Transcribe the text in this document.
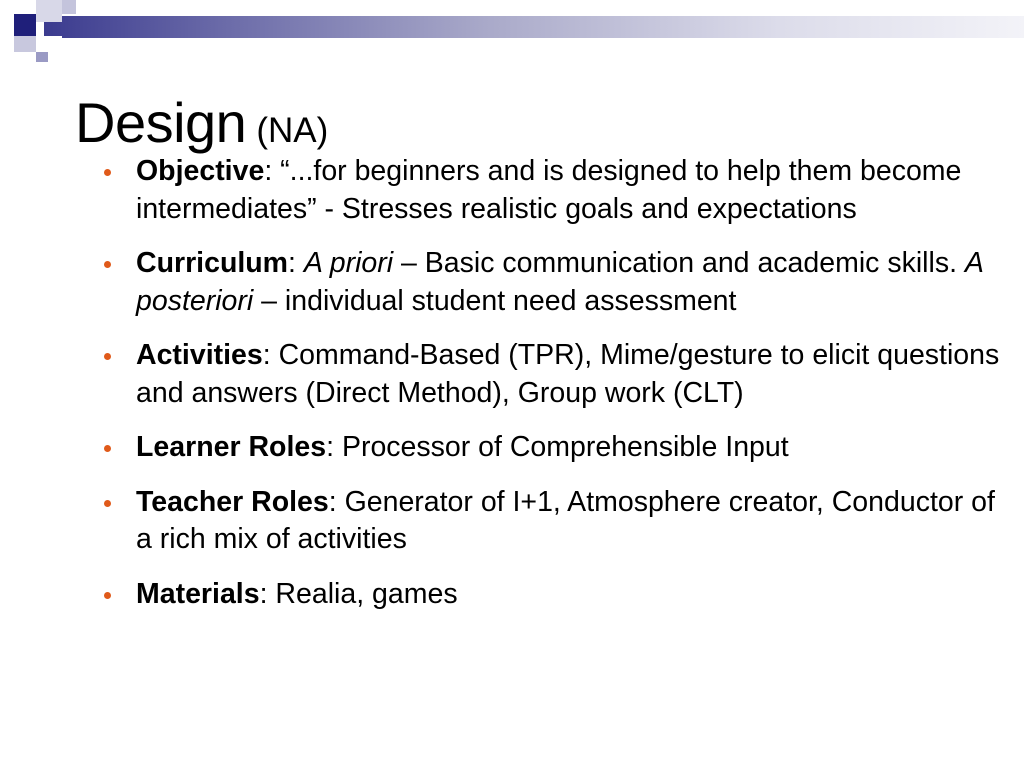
Design (NA)
Objective: “...for beginners and is designed to help them become intermediates” - Stresses realistic goals and expectations
Curriculum: A priori – Basic communication and academic skills. A posteriori – individual student need assessment
Activities: Command-Based (TPR), Mime/gesture to elicit questions and answers (Direct Method), Group work (CLT)
Learner Roles: Processor of Comprehensible Input
Teacher Roles: Generator of I+1, Atmosphere creator, Conductor of a rich mix of activities
Materials: Realia, games
